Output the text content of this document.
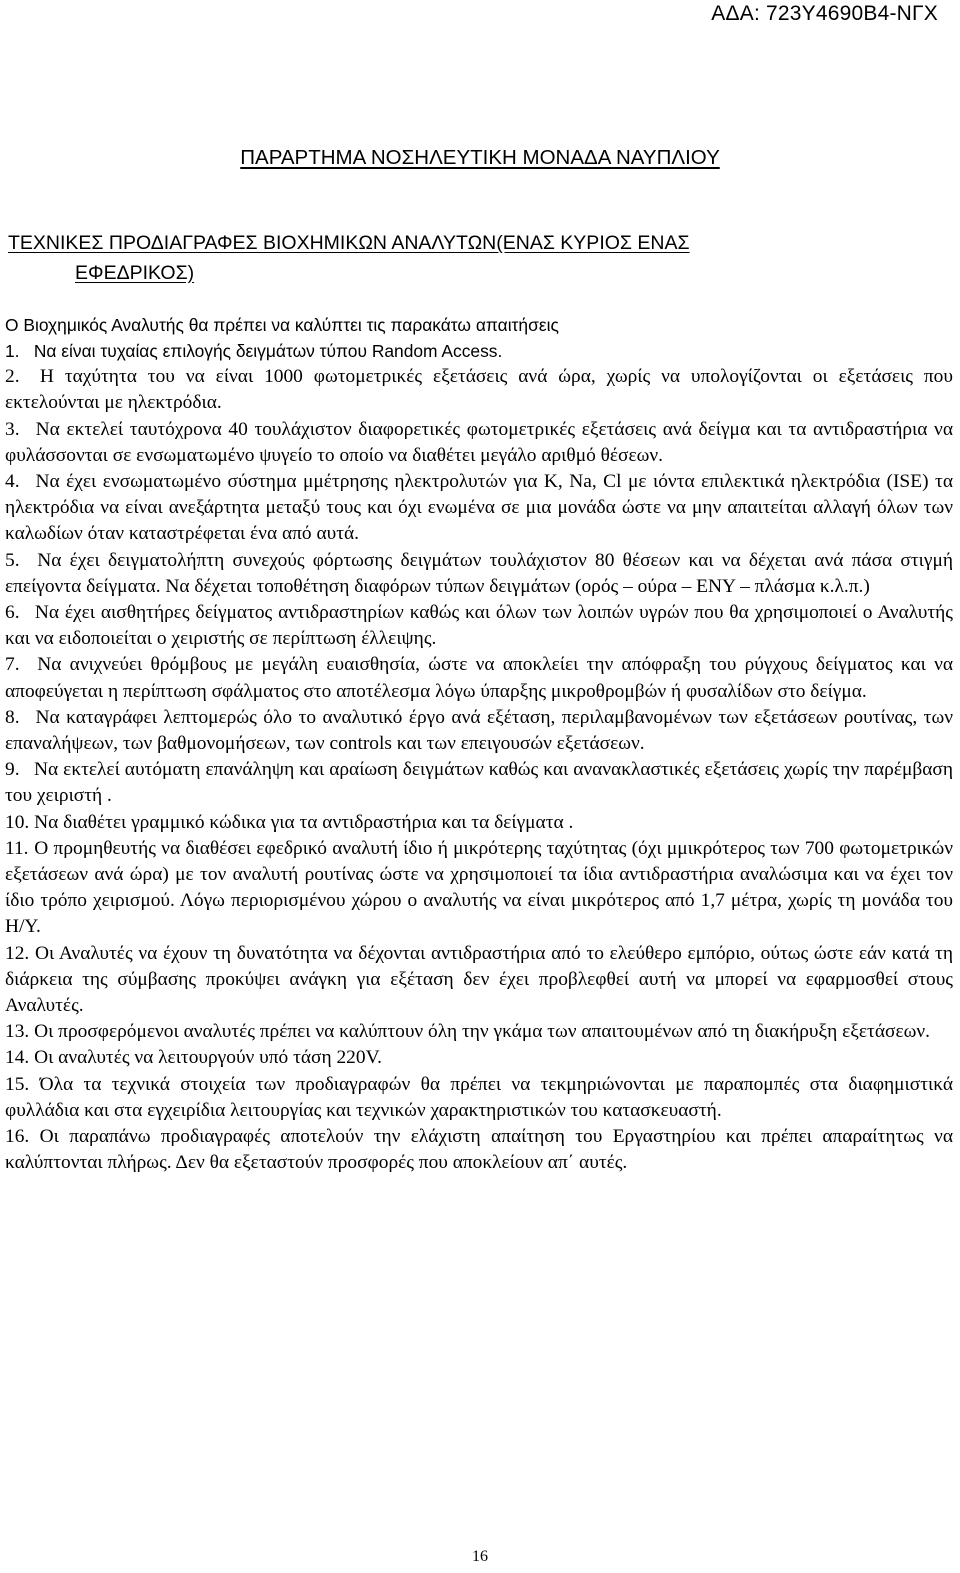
ΑΔΑ: 723Υ4690Β4-ΝΓΧ
ΠΑΡΑΡΤΗΜΑ ΝΟΣΗΛΕΥΤΙΚΗ ΜΟΝΑΔΑ ΝΑΥΠΛΙΟΥ
ΤΕΧΝΙΚΕΣ ΠΡΟΔΙΑΓΡΑΦΕΣ ΒΙΟΧΗΜΙΚΩΝ ΑΝΑΛΥΤΩΝ(ΕΝΑΣ ΚΥΡΙΟΣ ΕΝΑΣ
ΕΦΕΔΡΙΚΟΣ)
Ο Βιοχημικός Αναλυτής θα πρέπει να καλύπτει τις παρακάτω απαιτήσεις

1. Να είναι τυχαίας επιλογής δειγμάτων τύπου Random Access.

2. Η ταχύτητα του να είναι 1000 φωτομετρικές εξετάσεις ανά ώρα, χωρίς να υπολογίζονται οι εξετάσεις που εκτελούνται με ηλεκτρόδια.

3. Να εκτελεί ταυτόχρονα 40 τουλάχιστον διαφορετικές φωτομετρικές εξετάσεις ανά δείγμα και τα αντιδραστήρια να φυλάσσονται σε ενσωματωμένο ψυγείο το οποίο να διαθέτει μεγάλο αριθμό θέσεων.

4. Να έχει ενσωματωμένο σύστημα μμέτρησης ηλεκτρολυτών για K, Na, Cl με ιόντα επιλεκτικά ηλεκτρόδια (ISE) τα ηλεκτρόδια να είναι ανεξάρτητα μεταξύ τους και όχι ενωμένα σε μια μονάδα ώστε να μην απαιτείται αλλαγή όλων των καλωδίων όταν καταστρέφεται ένα από αυτά.

5. Να έχει δειγματολήπτη συνεχούς φόρτωσης δειγμάτων τουλάχιστον 80 θέσεων και να δέχεται ανά πάσα στιγμή επείγοντα δείγματα. Να δέχεται τοποθέτηση διαφόρων τύπων δειγμάτων (ορός – ούρα – ΕΝΥ – πλάσμα κ.λ.π.)

6. Να έχει αισθητήρες δείγματος αντιδραστηρίων καθώς και όλων των λοιπών υγρών που θα χρησιμοποιεί ο Αναλυτής και να ειδοποιείται ο χειριστής σε περίπτωση έλλειψης.

7. Να ανιχνεύει θρόμβους με μεγάλη ευαισθησία, ώστε να αποκλείει την απόφραξη του ρύγχους δείγματος και να αποφεύγεται η περίπτωση σφάλματος στο αποτέλεσμα λόγω ύπαρξης μικροθρομβών ή φυσαλίδων στο δείγμα.

8. Να καταγράφει λεπτομερώς όλο το αναλυτικό έργο ανά εξέταση, περιλαμβανομένων των εξετάσεων ρουτίνας, των επαναλήψεων, των βαθμονομήσεων, των controls και των επειγουσών εξετάσεων.

9. Να εκτελεί αυτόματη επανάληψη και αραίωση δειγμάτων καθώς και ανανακλαστικές εξετάσεις χωρίς την παρέμβαση του χειριστή .

10. Να διαθέτει γραμμικό κώδικα για τα αντιδραστήρια και τα δείγματα .

11. Ο προμηθευτής να διαθέσει εφεδρικό αναλυτή ίδιο ή μικρότερης ταχύτητας (όχι μμικρότερος των 700 φωτομετρικών εξετάσεων ανά ώρα) με τον αναλυτή ρουτίνας ώστε να χρησιμοποιεί τα ίδια αντιδραστήρια αναλώσιμα και να έχει τον ίδιο τρόπο χειρισμού. Λόγω περιορισμένου χώρου ο αναλυτής να είναι μικρότερος από 1,7 μέτρα, χωρίς τη μονάδα του Η/Υ.

12. Οι Αναλυτές να έχουν τη δυνατότητα να δέχονται αντιδραστήρια από το ελεύθερο εμπόριο, ούτως ώστε εάν κατά τη διάρκεια της σύμβασης προκύψει ανάγκη για εξέταση δεν έχει προβλεφθεί αυτή να μπορεί να εφαρμοσθεί στους Αναλυτές.

13. Οι προσφερόμενοι αναλυτές πρέπει να καλύπτουν όλη την γκάμα των απαιτουμένων από τη διακήρυξη εξετάσεων.

14. Οι αναλυτές να λειτουργούν υπό τάση 220V.

15. Όλα τα τεχνικά στοιχεία των προδιαγραφών θα πρέπει να τεκμηριώνονται με παραπομπές στα διαφημιστικά φυλλάδια και στα εγχειρίδια λειτουργίας και τεχνικών χαρακτηριστικών του κατασκευαστή.

16. Οι παραπάνω προδιαγραφές αποτελούν την ελάχιστη απαίτηση του Εργαστηρίου και πρέπει απαραίτητως να καλύπτονται πλήρως. Δεν θα εξεταστούν προσφορές που αποκλείουν απ΄ αυτές.

16
